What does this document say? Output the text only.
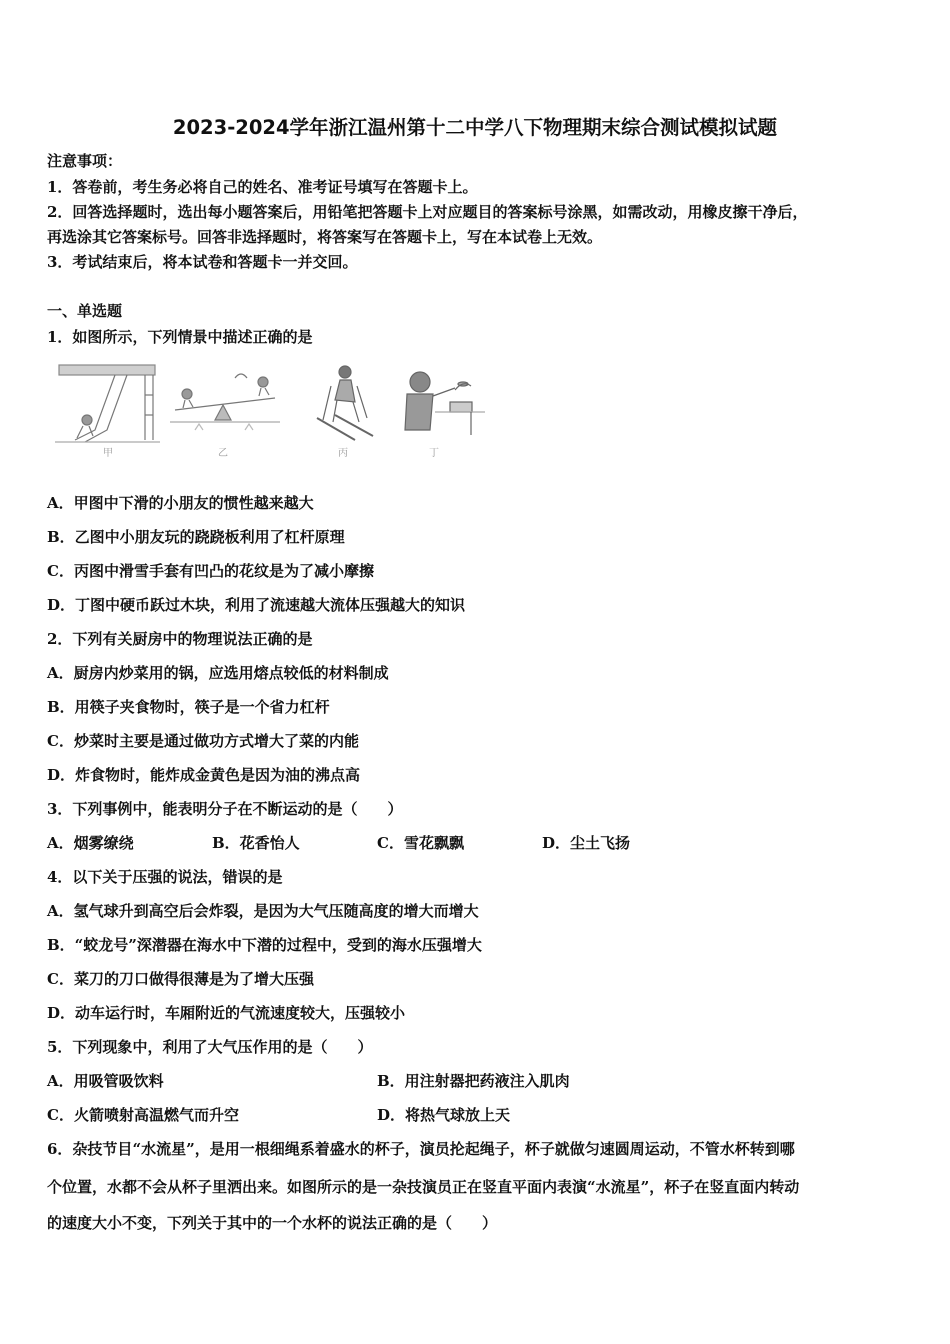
2023-2024学年浙江温州第十二中学八下物理期末综合测试模拟试题
注意事项：
1．答卷前，考生务必将自己的姓名、准考证号填写在答题卡上。
2．回答选择题时，选出每小题答案后，用铅笔把答题卡上对应题目的答案标号涂黑，如需改动，用橡皮擦干净后，
再选涂其它答案标号。回答非选择题时，将答案写在答题卡上，写在本试卷上无效。
3．考试结束后，将本试卷和答题卡一并交回。
一、单选题
1．如图所示，下列情景中描述正确的是
甲	乙	丙	丁
A．甲图中下滑的小朋友的惯性越来越大
B．乙图中小朋友玩的跷跷板利用了杠杆原理
C．丙图中滑雪手套有凹凸的花纹是为了减小摩擦
D．丁图中硬币跃过木块，利用了流速越大流体压强越大的知识
2．下列有关厨房中的物理说法正确的是
A．厨房内炒菜用的锅，应选用熔点较低的材料制成
B．用筷子夹食物时，筷子是一个省力杠杆
C．炒菜时主要是通过做功方式增大了菜的内能
D．炸食物时，能炸成金黄色是因为油的沸点高
3．下列事例中，能表明分子在不断运动的是（　　）
A．烟雾缭绕	B．花香怡人	C．雪花飘飘	D．尘土飞扬
4．以下关于压强的说法，错误的是
A．氢气球升到高空后会炸裂，是因为大气压随高度的增大而增大
B．“蛟龙号”深潜器在海水中下潜的过程中，受到的海水压强增大
C．菜刀的刀口做得很薄是为了增大压强
D．动车运行时，车厢附近的气流速度较大，压强较小
5．下列现象中，利用了大气压作用的是（　　）
A．用吸管吸饮料	B．用注射器把药液注入肌肉
C．火箭喷射高温燃气而升空	D．将热气球放上天
6．杂技节目“水流星”，是用一根细绳系着盛水的杯子，演员抡起绳子，杯子就做匀速圆周运动，不管水杯转到哪
个位置，水都不会从杯子里洒出来。如图所示的是一杂技演员正在竖直平面内表演“水流星”，杯子在竖直面内转动
的速度大小不变，下列关于其中的一个水杯的说法正确的是（　　）
